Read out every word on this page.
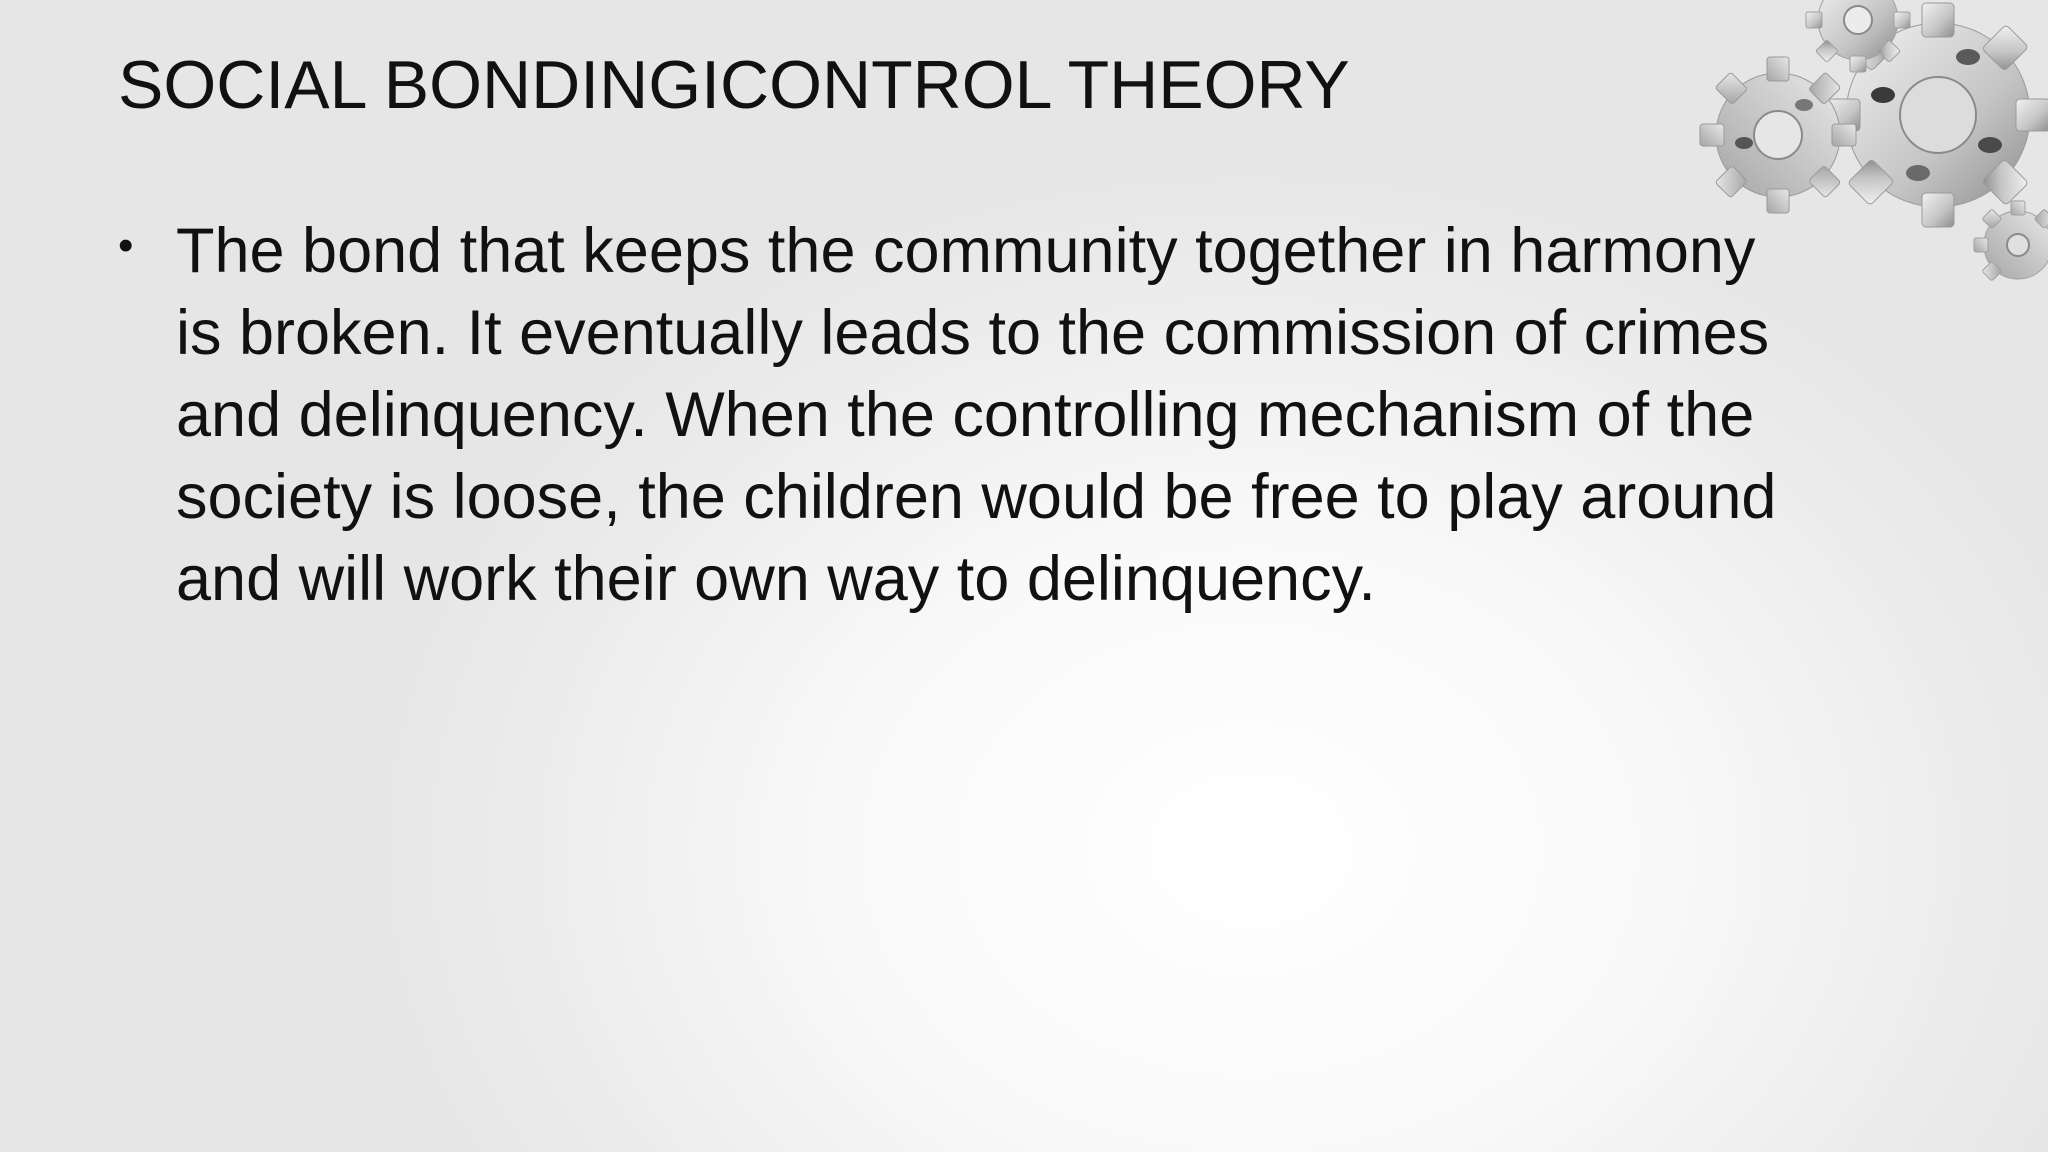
SOCIAL BONDINGICONTROL THEORY
• The bond that keeps the community together in harmony
is broken. It eventually leads to the commission of crimes
and delinquency. When the controlling mechanism of the
society is loose, the children would be free to play around
and will work their own way to delinquency.
